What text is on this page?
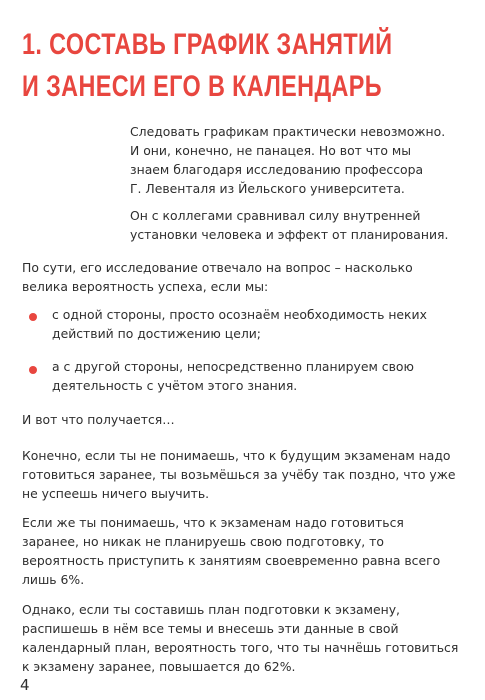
1. СОСТАВЬ ГРАФИК ЗАНЯТИЙ
И ЗАНЕСИ ЕГО В КАЛЕНДАРЬ

Следовать графикам практически невозможно.
И они, конечно, не панацея. Но вот что мы
знаем благодаря исследованию профессора
Г. Левенталя из Йельского университета.

Он с коллегами сравнивал силу внутренней
установки человека и эффект от планирования.

По сути, его исследование отвечало на вопрос – насколько
велика вероятность успеха, если мы:

с одной стороны, просто осознаём необходимость неких
действий по достижению цели;

а с другой стороны, непосредственно планируем свою
деятельность с учётом этого знания.

И вот что получается…

Конечно, если ты не понимаешь, что к будущим экзаменам надо
готовиться заранее, ты возьмёшься за учёбу так поздно, что уже
не успеешь ничего выучить.

Если же ты понимаешь, что к экзаменам надо готовиться
заранее, но никак не планируешь свою подготовку, то
вероятность приступить к занятиям своевременно равна всего
лишь 6%.

Однако, если ты составишь план подготовки к экзамену,
распишешь в нём все темы и внесешь эти данные в свой
календарный план, вероятность того, что ты начнёшь готовиться
к экзамену заранее, повышается до 62%.

4
